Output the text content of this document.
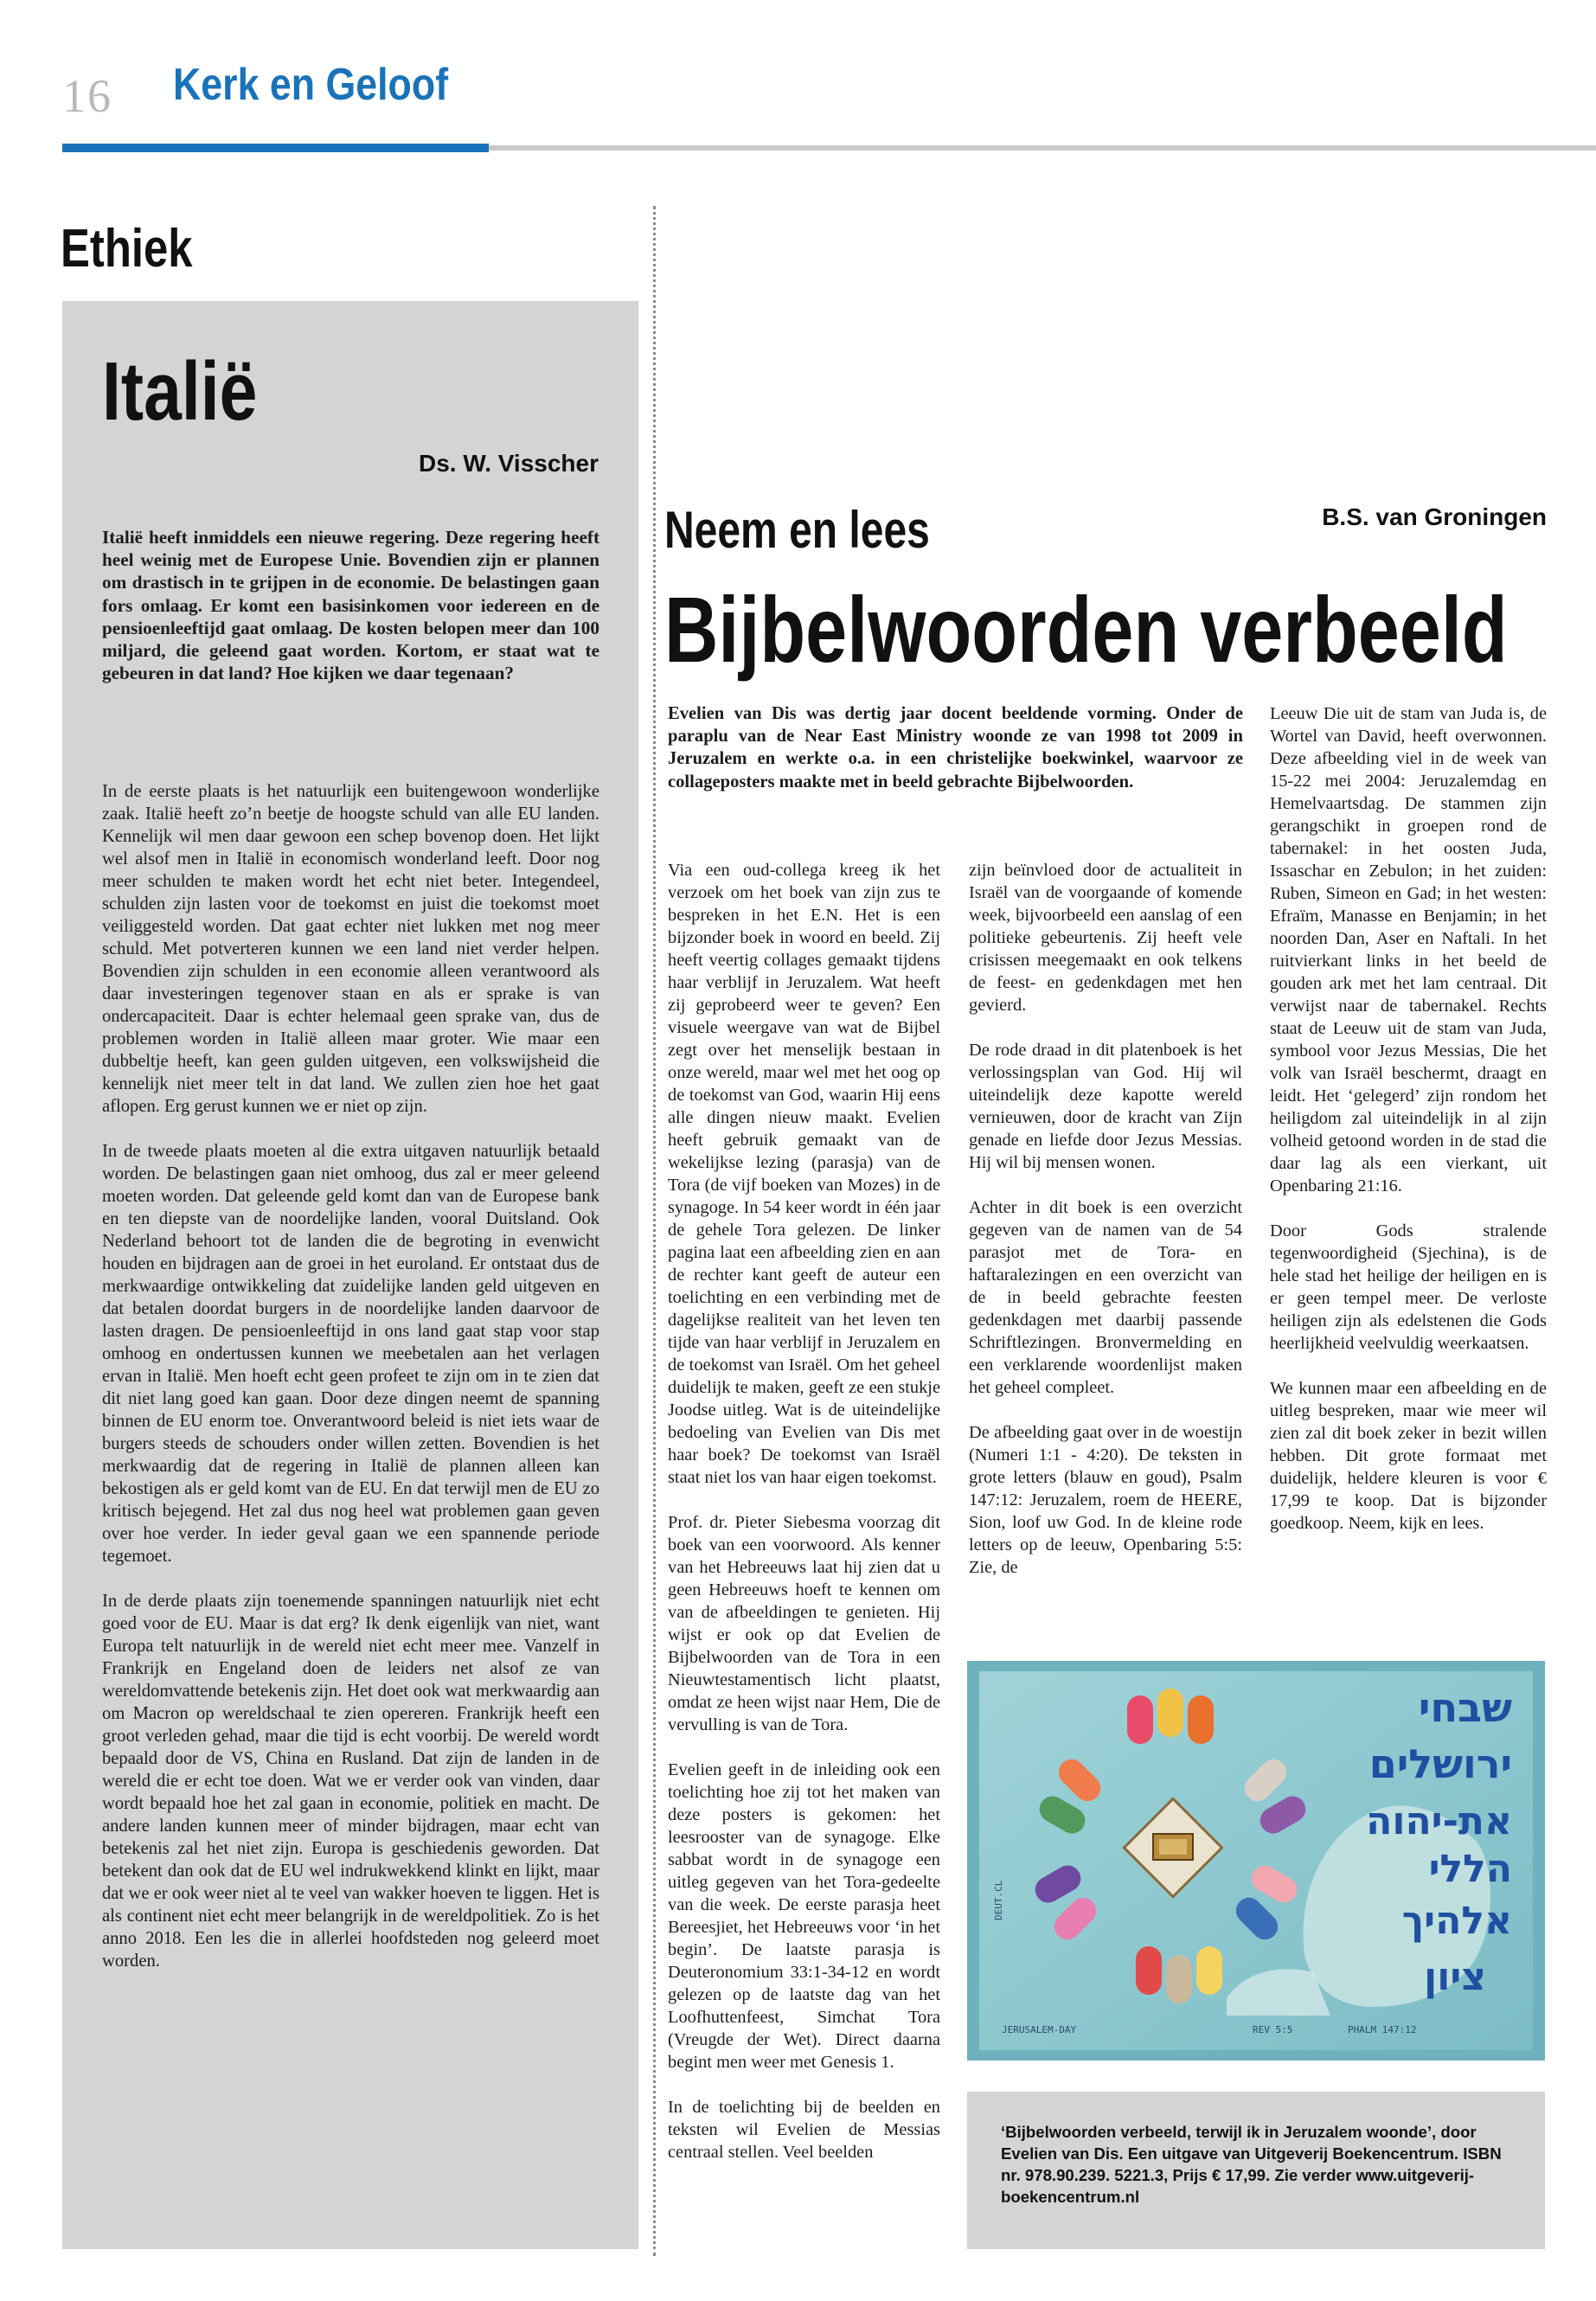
16 Kerk en Geloof
Ethiek
Italië
Ds. W. Visscher
Italië heeft inmiddels een nieuwe regering. Deze regering heeft heel weinig met de Europese Unie. Bovendien zijn er plannen om drastisch in te grijpen in de economie. De belastingen gaan fors omlaag. Er komt een basisinkomen voor iedereen en de pensioenleeftijd gaat omlaag. De kosten belopen meer dan 100 miljard, die geleend gaat worden. Kortom, er staat wat te gebeuren in dat land? Hoe kijken we daar tegenaan?

In de eerste plaats is het natuurlijk een buitengewoon wonderlijke zaak. Italië heeft zo’n beetje de hoogste schuld van alle EU landen. Kennelijk wil men daar gewoon een schep bovenop doen. Het lijkt wel alsof men in Italië in economisch wonderland leeft. Door nog meer schulden te maken wordt het echt niet beter. Integendeel, schulden zijn lasten voor de toekomst en juist die toekomst moet veiliggesteld worden. Dat gaat echter niet lukken met nog meer schuld. Met potverteren kunnen we een land niet verder helpen. Bovendien zijn schulden in een economie alleen verantwoord als daar investeringen tegenover staan en als er sprake is van ondercapaciteit. Daar is echter helemaal geen sprake van, dus de problemen worden in Italië alleen maar groter. Wie maar een dubbeltje heeft, kan geen gulden uitgeven, een volkswijsheid die kennelijk niet meer telt in dat land. We zullen zien hoe het gaat aflopen. Erg gerust kunnen we er niet op zijn.

In de tweede plaats moeten al die extra uitgaven natuurlijk betaald worden. De belastingen gaan niet omhoog, dus zal er meer geleend moeten worden. Dat geleende geld komt dan van de Europese bank en ten diepste van de noordelijke landen, vooral Duitsland. Ook Nederland behoort tot de landen die de begroting in evenwicht houden en bijdragen aan de groei in het euroland. Er ontstaat dus de merkwaardige ontwikkeling dat zuidelijke landen geld uitgeven en dat betalen doordat burgers in de noordelijke landen daarvoor de lasten dragen. De pensioenleeftijd in ons land gaat stap voor stap omhoog en ondertussen kunnen we meebetalen aan het verlagen ervan in Italië. Men hoeft echt geen profeet te zijn om in te zien dat dit niet lang goed kan gaan. Door deze dingen neemt de spanning binnen de EU enorm toe. Onverantwoord beleid is niet iets waar de burgers steeds de schouders onder willen zetten. Bovendien is het merkwaardig dat de regering in Italië de plannen alleen kan bekostigen als er geld komt van de EU. En dat terwijl men de EU zo kritisch bejegend. Het zal dus nog heel wat problemen gaan geven over hoe verder. In ieder geval gaan we een spannende periode tegemoet.

In de derde plaats zijn toenemende spanningen natuurlijk niet echt goed voor de EU. Maar is dat erg? Ik denk eigenlijk van niet, want Europa telt natuurlijk in de wereld niet echt meer mee. Vanzelf in Frankrijk en Engeland doen de leiders net alsof ze van wereldomvattende betekenis zijn. Het doet ook wat merkwaardig aan om Macron op wereldschaal te zien opereren. Frankrijk heeft een groot verleden gehad, maar die tijd is echt voorbij. De wereld wordt bepaald door de VS, China en Rusland. Dat zijn de landen in de wereld die er echt toe doen. Wat we er verder ook van vinden, daar wordt bepaald hoe het zal gaan in economie, politiek en macht. De andere landen kunnen meer of minder bijdragen, maar echt van betekenis zal het niet zijn. Europa is geschiedenis geworden. Dat betekent dan ook dat de EU wel indrukwekkend klinkt en lijkt, maar dat we er ook weer niet al te veel van wakker hoeven te liggen. Het is als continent niet echt meer belangrijk in de wereldpolitiek. Zo is het anno 2018. Een les die in allerlei hoofdsteden nog geleerd moet worden.

Neem en lees	B.S. van Groningen
Bijbelwoorden verbeeld
Evelien van Dis was dertig jaar docent beeldende vorming. Onder de paraplu van de Near East Ministry woonde ze van 1998 tot 2009 in Jeruzalem en werkte o.a. in een christelijke boekwinkel, waarvoor ze collageposters maakte met in beeld gebrachte Bijbelwoorden.

Via een oud-collega kreeg ik het verzoek om het boek van zijn zus te bespreken in het E.N. Het is een bijzonder boek in woord en beeld. Zij heeft veertig collages gemaakt tijdens haar verblijf in Jeruzalem. Wat heeft zij geprobeerd weer te geven? Een visuele weergave van wat de Bijbel zegt over het menselijk bestaan in onze wereld, maar wel met het oog op de toekomst van God, waarin Hij eens alle dingen nieuw maakt. Evelien heeft gebruik gemaakt van de wekelijkse lezing (parasja) van de Tora (de vijf boeken van Mozes) in de synagoge. In 54 keer wordt in één jaar de gehele Tora gelezen. De linker pagina laat een afbeelding zien en aan de rechter kant geeft de auteur een toelichting en een verbinding met de dagelijkse realiteit van het leven ten tijde van haar verblijf in Jeruzalem en de toekomst van Israël. Om het geheel duidelijk te maken, geeft ze een stukje Joodse uitleg. Wat is de uiteindelijke bedoeling van Evelien van Dis met haar boek? De toekomst van Israël staat niet los van haar eigen toekomst.

Prof. dr. Pieter Siebesma voorzag dit boek van een voorwoord. Als kenner van het Hebreeuws laat hij zien dat u geen Hebreeuws hoeft te kennen om van de afbeeldingen te genieten. Hij wijst er ook op dat Evelien de Bijbelwoorden van de Tora in een Nieuwtestamentisch licht plaatst, omdat ze heen wijst naar Hem, Die de vervulling is van de Tora.

Evelien geeft in de inleiding ook een toelichting hoe zij tot het maken van deze posters is gekomen: het leesrooster van de synagoge. Elke sabbat wordt in de synagoge een uitleg gegeven van het Tora-gedeelte van die week. De eerste parasja heet Bereesjiet, het Hebreeuws voor ‘in het begin’. De laatste parasja is Deuteronomium 33:1-34-12 en wordt gelezen op de laatste dag van het Loofhuttenfeest, Simchat Tora (Vreugde der Wet). Direct daarna begint men weer met Genesis 1.

In de toelichting bij de beelden en teksten wil Evelien de Messias centraal stellen. Veel beelden

zijn beïnvloed door de actualiteit in Israël van de voorgaande of komende week, bijvoorbeeld een aanslag of een politieke gebeurtenis. Zij heeft vele crisissen meegemaakt en ook telkens de feest- en gedenkdagen met hen gevierd.

De rode draad in dit platenboek is het verlossingsplan van God. Hij wil uiteindelijk deze kapotte wereld vernieuwen, door de kracht van Zijn genade en liefde door Jezus Messias. Hij wil bij mensen wonen.

Achter in dit boek is een overzicht gegeven van de namen van de 54 parasjot met de Tora- en haftaralezingen en een overzicht van de in beeld gebrachte feesten gedenkdagen met daarbij passende Schriftlezingen. Bronvermelding en een verklarende woordenlijst maken het geheel compleet.

De afbeelding gaat over in de woestijn (Numeri 1:1 - 4:20). De teksten in grote letters (blauw en goud), Psalm 147:12: Jeruzalem, roem de HEERE, Sion, loof uw God. In de kleine rode letters op de leeuw, Openbaring 5:5: Zie, de

Leeuw Die uit de stam van Juda is, de Wortel van David, heeft overwonnen. Deze afbeelding viel in de week van 15-22 mei 2004: Jeruzalemdag en Hemelvaartsdag. De stammen zijn gerangschikt in groepen rond de tabernakel: in het oosten Juda, Issaschar en Zebulon; in het zuiden: Ruben, Simeon en Gad; in het westen: Efraïm, Manasse en Benjamin; in het noorden Dan, Aser en Naftali. In het ruitvierkant links in het beeld de gouden ark met het lam centraal. Dit verwijst naar de tabernakel. Rechts staat de Leeuw uit de stam van Juda, symbool voor Jezus Messias, Die het volk van Israël beschermt, draagt en leidt. Het ‘gelegerd’ zijn rondom het heiligdom zal uiteindelijk in al zijn volheid getoond worden in de stad die daar lag als een vierkant, uit Openbaring 21:16.

Door Gods stralende tegenwoordigheid (Sjechina), is de hele stad het heilige der heiligen en is er geen tempel meer. De verloste heiligen zijn als edelstenen die Gods heerlijkheid veelvuldig weerkaatsen.

We kunnen maar een afbeelding en de uitleg bespreken, maar wie meer wil zien zal dit boek zeker in bezit willen hebben. Dit grote formaat met duidelijk, heldere kleuren is voor € 17,99 te koop. Dat is bijzonder goedkoop. Neem, kijk en lees.

שבחי
ירושלים
את-יהוה
הללי
אלהיך
ציון
JERUSALEM-DAY	REV 5:5	PHALM 147:12
DEUT.CL
‘Bijbelwoorden verbeeld, terwijl ik in Jeruzalem woonde’, door Evelien van Dis. Een uitgave van Uitgeverij Boekencentrum. ISBN nr. 978.90.239. 5221.3, Prijs € 17,99. Zie verder www.uitgeverij-boekencentrum.nl
